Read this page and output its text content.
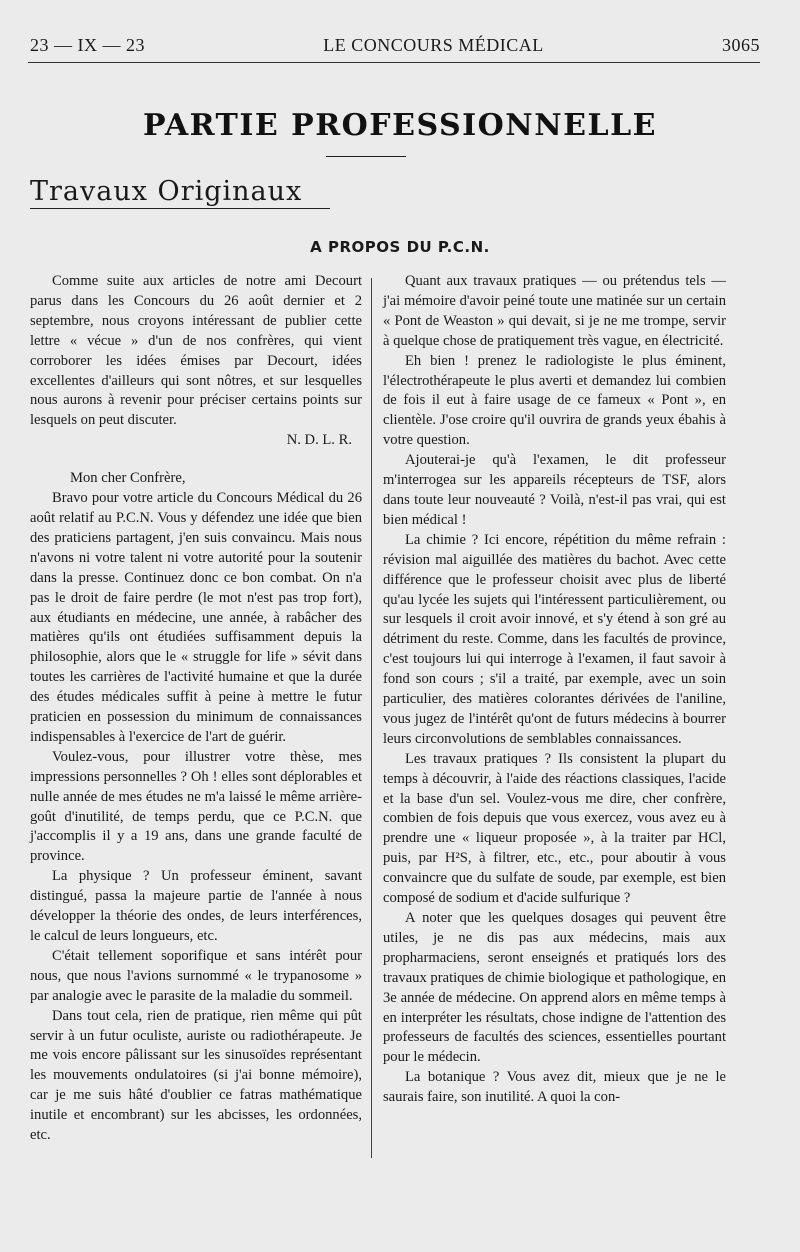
23 — IX — 23	LE CONCOURS MÉDICAL	3065
PARTIE PROFESSIONNELLE
Travaux Originaux
A PROPOS DU P.C.N.

Comme suite aux articles de notre ami Decourt parus dans les Concours du 26 août dernier et 2 septembre, nous croyons intéressant de publier cette lettre « vécue » d'un de nos confrères, qui vient corroborer les idées émises par Decourt, idées excellentes d'ailleurs qui sont nôtres, et sur lesquelles nous aurons à revenir pour préciser certains points sur lesquels on peut discuter.

N. D. L. R.

Mon cher Confrère,

Bravo pour votre article du Concours Médical du 26 août relatif au P.C.N. Vous y défendez une idée que bien des praticiens partagent, j'en suis convaincu. Mais nous n'avons ni votre talent ni votre autorité pour la soutenir dans la presse. Continuez donc ce bon combat. On n'a pas le droit de faire perdre (le mot n'est pas trop fort), aux étudiants en médecine, une année, à rabâcher des matières qu'ils ont étudiées suffisamment depuis la philosophie, alors que le « struggle for life » sévit dans toutes les carrières de l'activité humaine et que la durée des études médicales suffit à peine à mettre le futur praticien en possession du minimum de connaissances indispensables à l'exercice de l'art de guérir.

Voulez-vous, pour illustrer votre thèse, mes impressions personnelles ? Oh ! elles sont déplorables et nulle année de mes études ne m'a laissé le même arrière-goût d'inutilité, de temps perdu, que ce P.C.N. que j'accomplis il y a 19 ans, dans une grande faculté de province.

La physique ? Un professeur éminent, savant distingué, passa la majeure partie de l'année à nous développer la théorie des ondes, de leurs interférences, le calcul de leurs longueurs, etc.

C'était tellement soporifique et sans intérêt pour nous, que nous l'avions surnommé « le trypanosome » par analogie avec le parasite de la maladie du sommeil.

Dans tout cela, rien de pratique, rien même qui pût servir à un futur oculiste, auriste ou radiothérapeute. Je me vois encore pâlissant sur les sinusoïdes représentant les mouvements ondulatoires (si j'ai bonne mémoire), car je me suis hâté d'oublier ce fatras mathématique inutile et encombrant) sur les abcisses, les ordonnées, etc.

Quant aux travaux pratiques — ou prétendus tels — j'ai mémoire d'avoir peiné toute une matinée sur un certain « Pont de Weaston » qui devait, si je ne me trompe, servir à quelque chose de pratiquement très vague, en électricité.

Eh bien ! prenez le radiologiste le plus éminent, l'électrothérapeute le plus averti et demandez lui combien de fois il eut à faire usage de ce fameux « Pont », en clientèle. J'ose croire qu'il ouvrira de grands yeux ébahis à votre question.

Ajouterai-je qu'à l'examen, le dit professeur m'interrogea sur les appareils récepteurs de TSF, alors dans toute leur nouveauté ? Voilà, n'est-il pas vrai, qui est bien médical !

La chimie ? Ici encore, répétition du même refrain : révision mal aiguillée des matières du bachot. Avec cette différence que le professeur choisit avec plus de liberté qu'au lycée les sujets qui l'intéressent particulièrement, ou sur lesquels il croit avoir innové, et s'y étend à son gré au détriment du reste. Comme, dans les facultés de province, c'est toujours lui qui interroge à l'examen, il faut savoir à fond son cours ; s'il a traité, par exemple, avec un soin particulier, des matières colorantes dérivées de l'aniline, vous jugez de l'intérêt qu'ont de futurs médecins à bourrer leurs circonvolutions de semblables connaissances.

Les travaux pratiques ? Ils consistent la plupart du temps à découvrir, à l'aide des réactions classiques, l'acide et la base d'un sel. Voulez-vous me dire, cher confrère, combien de fois depuis que vous exercez, vous avez eu à prendre une « liqueur proposée », à la traiter par HCl, puis, par H²S, à filtrer, etc., etc., pour aboutir à vous convaincre que du sulfate de soude, par exemple, est bien composé de sodium et d'acide sulfurique ?

A noter que les quelques dosages qui peuvent être utiles, je ne dis pas aux médecins, mais aux propharmaciens, seront enseignés et pratiqués lors des travaux pratiques de chimie biologique et pathologique, en 3e année de médecine. On apprend alors en même temps à en interpréter les résultats, chose indigne de l'attention des professeurs de facultés des sciences, essentielles pourtant pour le médecin.

La botanique ? Vous avez dit, mieux que je ne le saurais faire, son inutilité. A quoi la con-
